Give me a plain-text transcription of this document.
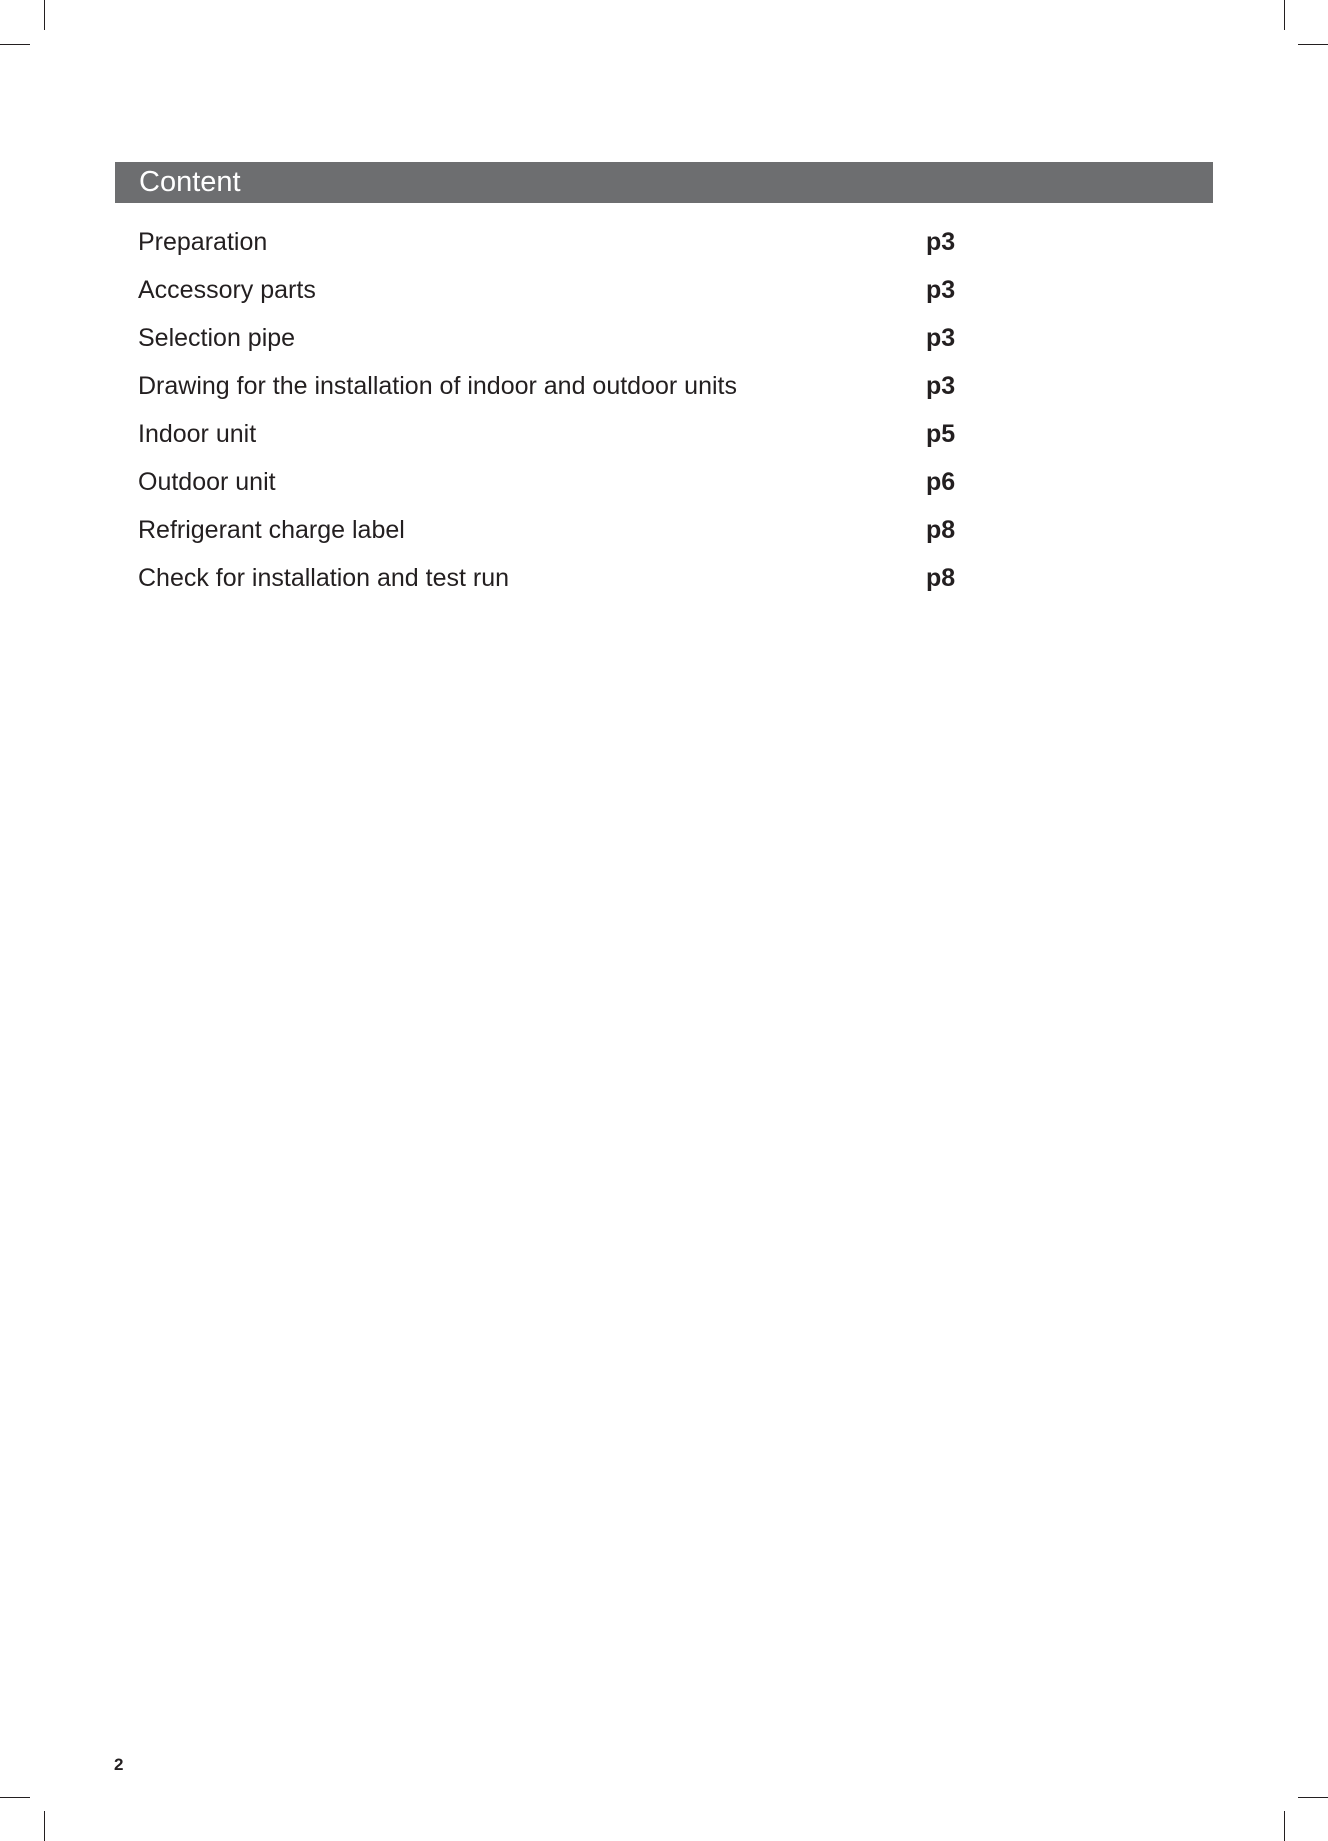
Content
Preparation	p3
Accessory parts	p3
Selection pipe	p3
Drawing for the installation of indoor and outdoor units	p3
Indoor unit	p5
Outdoor unit	p6
Refrigerant charge label	p8
Check for installation and test run	p8
2
